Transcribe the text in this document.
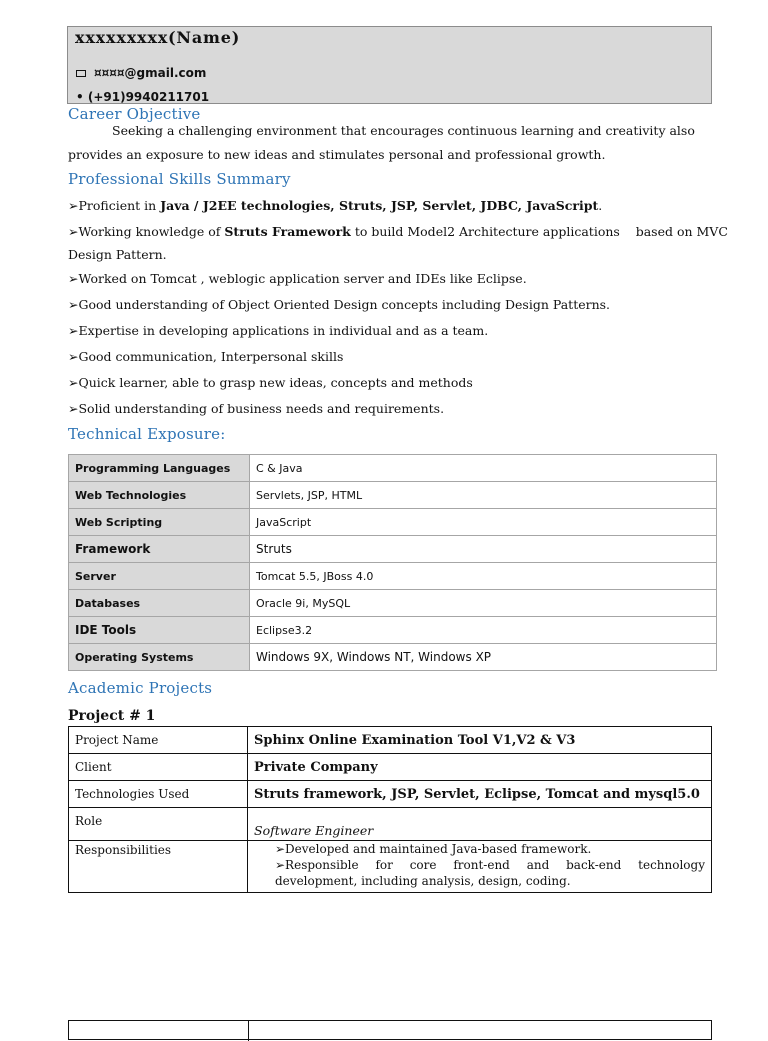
xxxxxxxxx(Name)
¤¤¤¤@gmail.com
• (+91)9940211701
Career Objective
Seeking a challenging environment that encourages continuous learning and creativity also
provides an exposure to new ideas and stimulates personal and professional growth.
Professional Skills Summary
➢Proficient in Java / J2EE technologies, Struts, JSP, Servlet, JDBC, JavaScript.
➢Working knowledge of Struts Framework to build Model2 Architecture applications    based on MVC
Design Pattern.
➢Worked on Tomcat , weblogic application server and IDEs like Eclipse.
➢Good understanding of Object Oriented Design concepts including Design Patterns.
➢Expertise in developing applications in individual and as a team.
➢Good communication, Interpersonal skills
➢Quick learner, able to grasp new ideas, concepts and methods
➢Solid understanding of business needs and requirements.
Technical Exposure:
Programming Languages	C & Java
Web Technologies	Servlets, JSP, HTML
Web Scripting	JavaScript
Framework	Struts
Server	Tomcat 5.5, JBoss 4.0
Databases	Oracle 9i, MySQL
IDE Tools	Eclipse3.2
Operating Systems	Windows 9X, Windows NT, Windows XP
Academic Projects
Project # 1
Project Name	Sphinx Online Examination Tool V1,V2 & V3
Client	Private Company
Technologies Used	Struts framework, JSP, Servlet, Eclipse, Tomcat and mysql5.0
Role	Software Engineer
Responsibilities	➢Developed and maintained Java-based framework.
➢Responsible for core front-end and back-end technology development, including analysis, design, coding.
